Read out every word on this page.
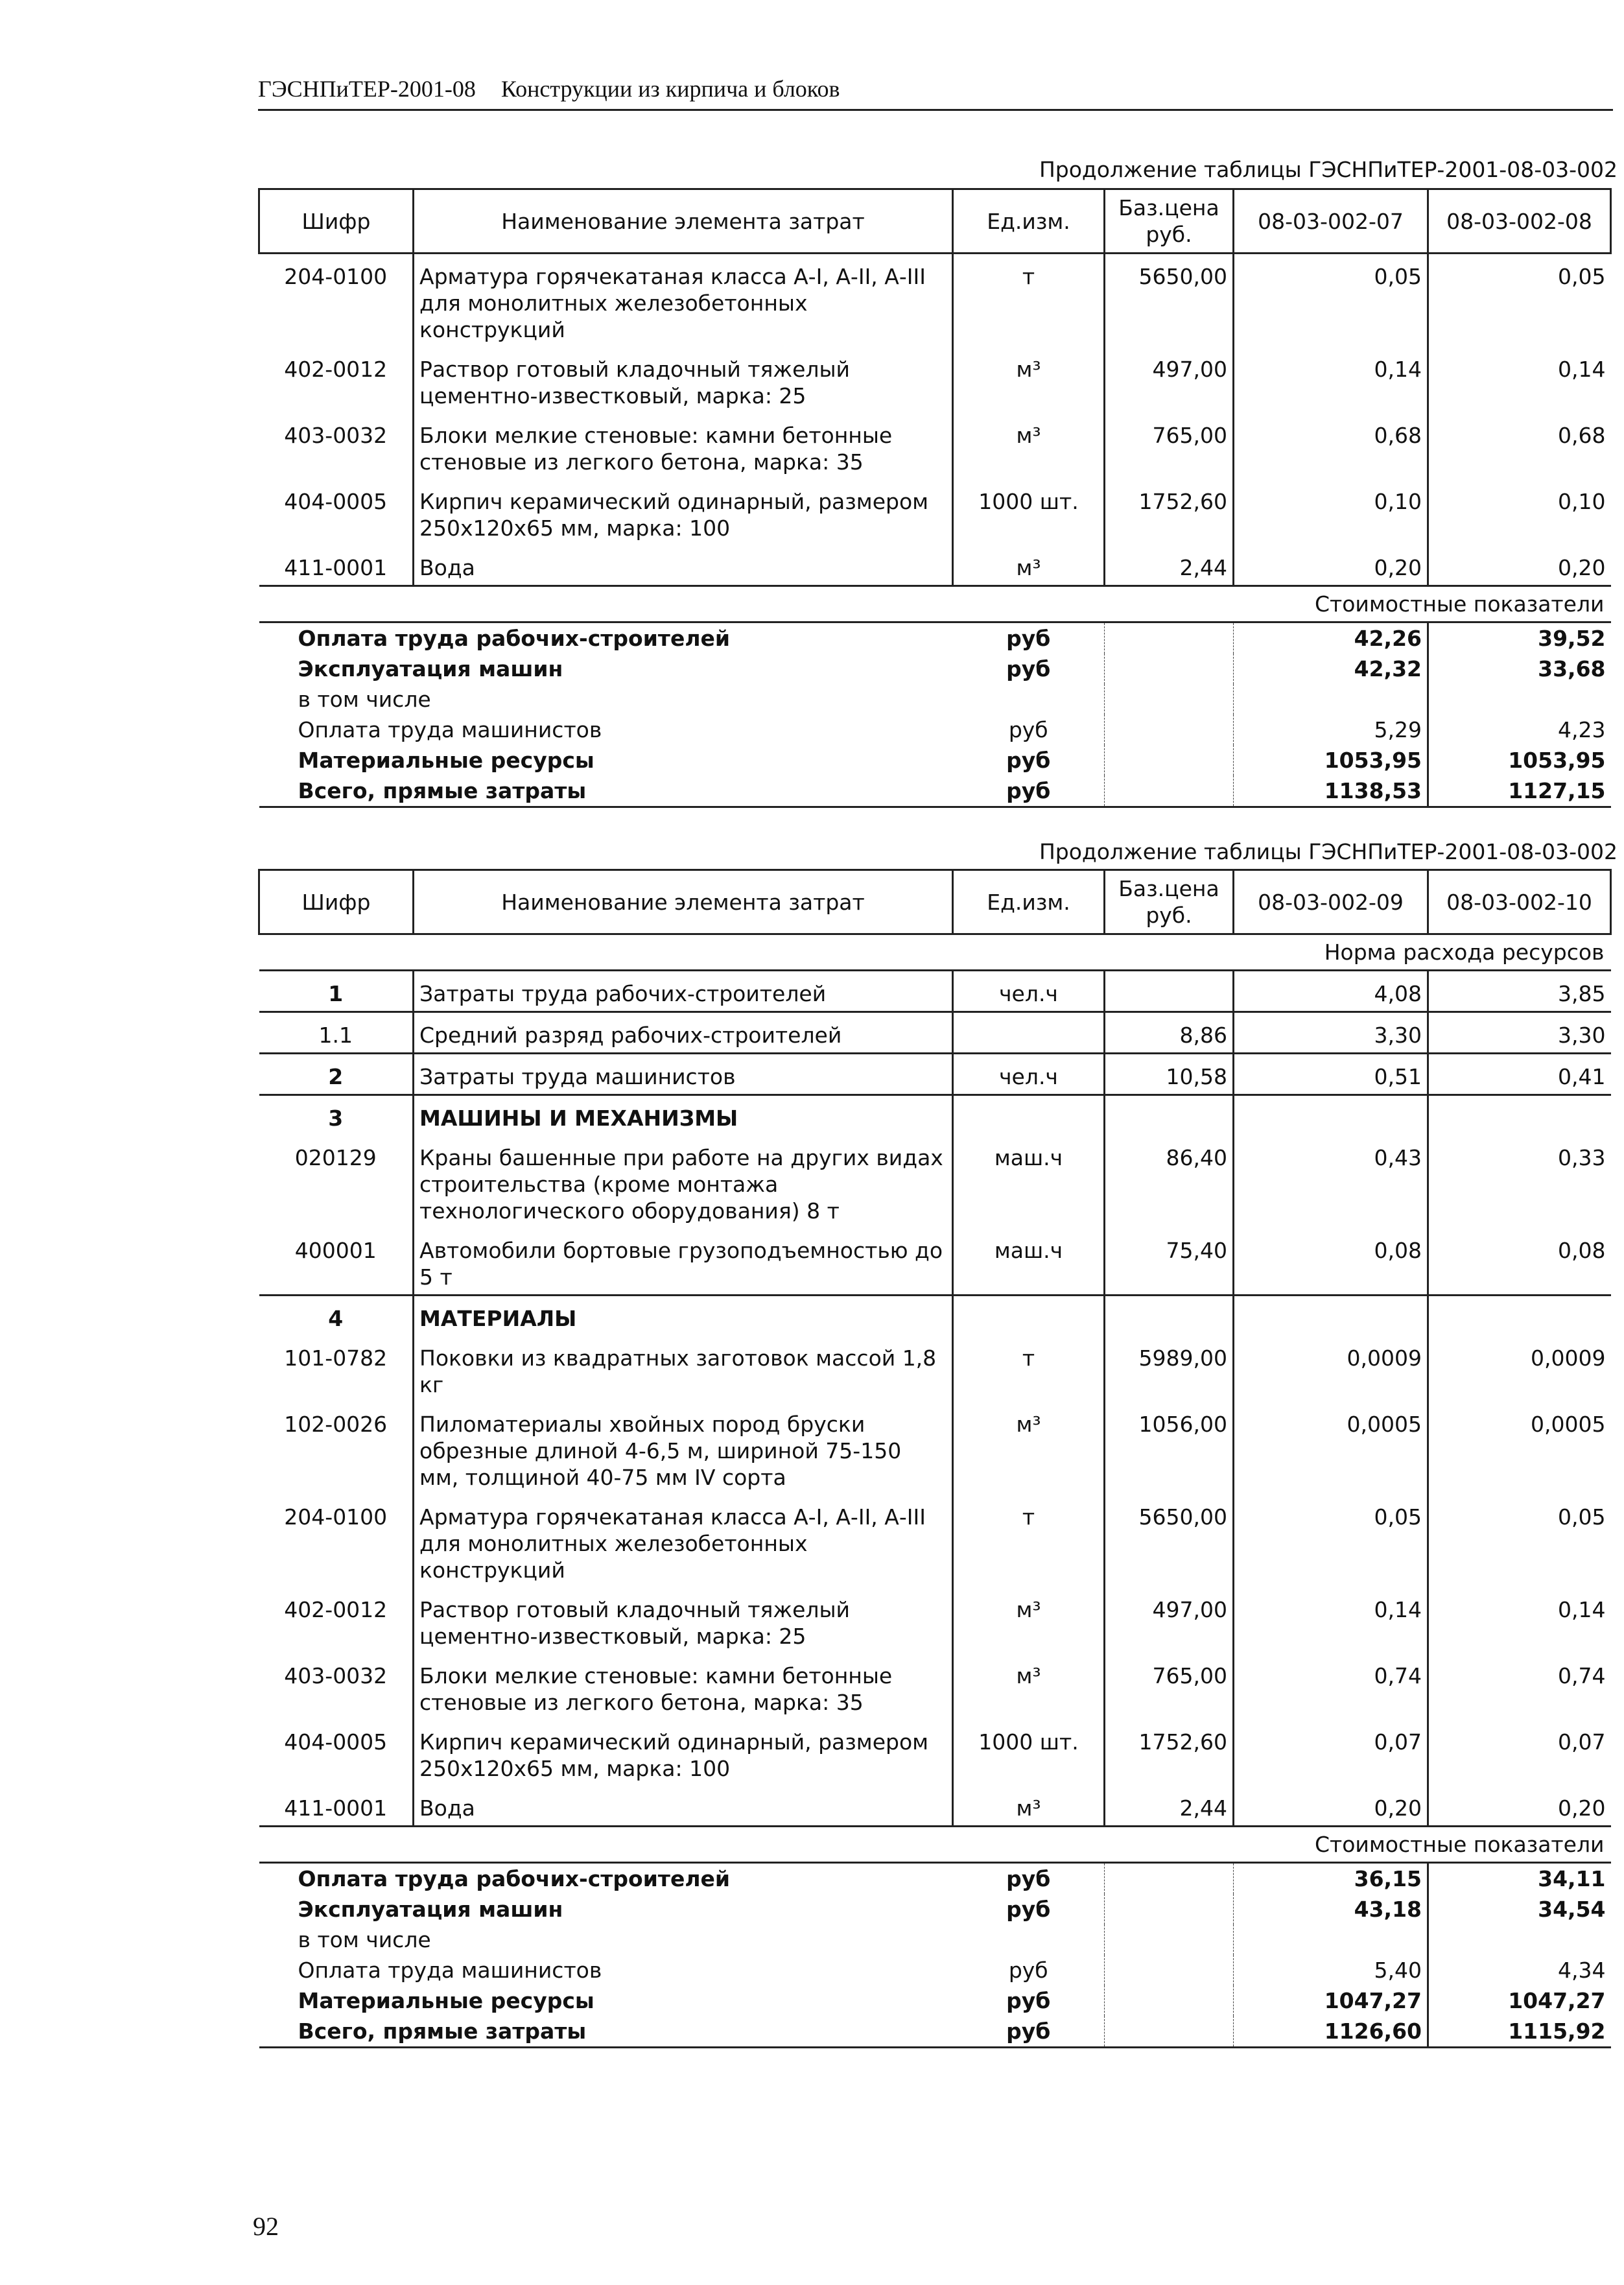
ГЭСНПиТЕР-2001-08 Конструкции из кирпича и блоков
Продолжение таблицы ГЭСНПиТЕР-2001-08-03-002
Шифр	Наименование элемента затрат	Ед.изм.	Баз.цена руб.	08-03-002-07	08-03-002-08
204-0100	Арматура горячекатаная класса А-I, А-II, А-III для монолитных железобетонных конструкций	т	5650,00	0,05	0,05
402-0012	Раствор готовый кладочный тяжелый цементно-известковый, марка: 25	м³	497,00	0,14	0,14
403-0032	Блоки мелкие стеновые: камни бетонные стеновые из легкого бетона, марка: 35	м³	765,00	0,68	0,68
404-0005	Кирпич керамический одинарный, размером 250х120х65 мм, марка: 100	1000 шт.	1752,60	0,10	0,10
411-0001	Вода	м³	2,44	0,20	0,20
Стоимостные показатели					
Оплата труда рабочих-строителей		руб		42,26	39,52
Эксплуатация машин		руб		42,32	33,68
в том числе					
Оплата труда машинистов		руб		5,29	4,23
Материальные ресурсы		руб		1053,95	1053,95
Всего, прямые затраты		руб		1138,53	1127,15
Продолжение таблицы ГЭСНПиТЕР-2001-08-03-002
Шифр	Наименование элемента затрат	Ед.изм.	Баз.цена руб.	08-03-002-09	08-03-002-10
Норма расхода ресурсов					
1	Затраты труда рабочих-строителей	чел.ч		4,08	3,85
1.1	Средний разряд рабочих-строителей		8,86	3,30	3,30
2	Затраты труда машинистов	чел.ч	10,58	0,51	0,41
3	МАШИНЫ И МЕХАНИЗМЫ				
020129	Краны башенные при работе на других видах строительства (кроме монтажа технологического оборудования) 8 т	маш.ч	86,40	0,43	0,33
400001	Автомобили бортовые грузоподъемностью до 5 т	маш.ч	75,40	0,08	0,08
4	МАТЕРИАЛЫ				
101-0782	Поковки из квадратных заготовок массой 1,8 кг	т	5989,00	0,0009	0,0009
102-0026	Пиломатериалы хвойных пород бруски обрезные длиной 4-6,5 м, шириной 75-150 мм, толщиной 40-75 мм IV сорта	м³	1056,00	0,0005	0,0005
204-0100	Арматура горячекатаная класса А-I, А-II, А-III для монолитных железобетонных конструкций	т	5650,00	0,05	0,05
402-0012	Раствор готовый кладочный тяжелый цементно-известковый, марка: 25	м³	497,00	0,14	0,14
403-0032	Блоки мелкие стеновые: камни бетонные стеновые из легкого бетона, марка: 35	м³	765,00	0,74	0,74
404-0005	Кирпич керамический одинарный, размером 250х120х65 мм, марка: 100	1000 шт.	1752,60	0,07	0,07
411-0001	Вода	м³	2,44	0,20	0,20
Стоимостные показатели					
Оплата труда рабочих-строителей		руб		36,15	34,11
Эксплуатация машин		руб		43,18	34,54
в том числе					
Оплата труда машинистов		руб		5,40	4,34
Материальные ресурсы		руб		1047,27	1047,27
Всего, прямые затраты		руб		1126,60	1115,92
92
